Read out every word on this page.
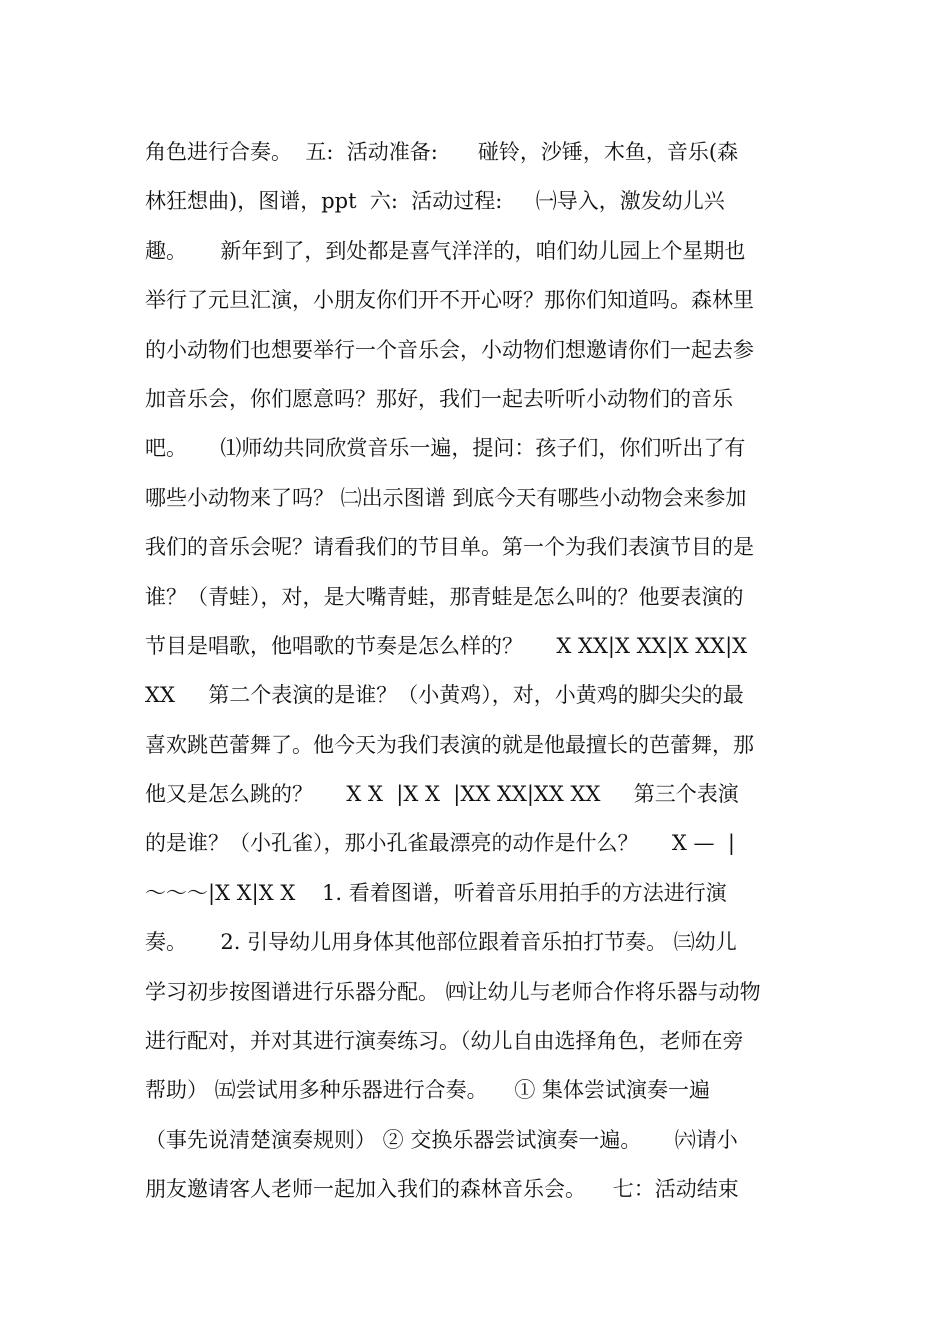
角色进行合奏。  五:  活动准备:      碰铃，沙锤，木鱼，音乐(森
林狂想曲)，图谱，ppt  六:  活动过程:     ㈠导入，激发幼儿兴
趣。     新年到了，到处都是喜气洋洋的，咱们幼儿园上个星期也
举行了元旦汇演，小朋友你们开不开心呀？那你们知道吗。森林里
的小动物们也想要举行一个音乐会，小动物们想邀请你们一起去参
加音乐会，你们愿意吗？那好，我们一起去听听小动物们的音乐
吧。     ⑴师幼共同欣赏音乐一遍，提问：孩子们，你们听出了有
哪些小动物来了吗？ ㈡出示图谱 到底今天有哪些小动物会来参加
我们的音乐会呢？请看我们的节目单。第一个为我们表演节目的是
谁？（青蛙），对，是大嘴青蛙，那青蛙是怎么叫的？他要表演的
节目是唱歌，他唱歌的节奏是怎么样的？     X XX|X XX|X XX|X
XX     第二个表演的是谁？（小黄鸡），对，小黄鸡的脚尖尖的最
喜欢跳芭蕾舞了。他今天为我们表演的就是他最擅长的芭蕾舞，那
他又是怎么跳的？     X X  |X X  |XX XX|XX XX     第三个表演
的是谁？（小孔雀），那小孔雀最漂亮的动作是什么？     X —  |
～～～|X X|X X    1. 看着图谱，听着音乐用拍手的方法进行演
奏。     2. 引导幼儿用身体其他部位跟着音乐拍打节奏。 ㈢幼儿
学习初步按图谱进行乐器分配。 ㈣让幼儿与老师合作将乐器与动物
进行配对，并对其进行演奏练习。（幼儿自由选择角色，老师在旁
帮助） ㈤尝试用多种乐器进行合奏。    ① 集体尝试演奏一遍
（事先说清楚演奏规则） ② 交换乐器尝试演奏一遍。     ㈥请小
朋友邀请客人老师一起加入我们的森林音乐会。    七：活动结束
